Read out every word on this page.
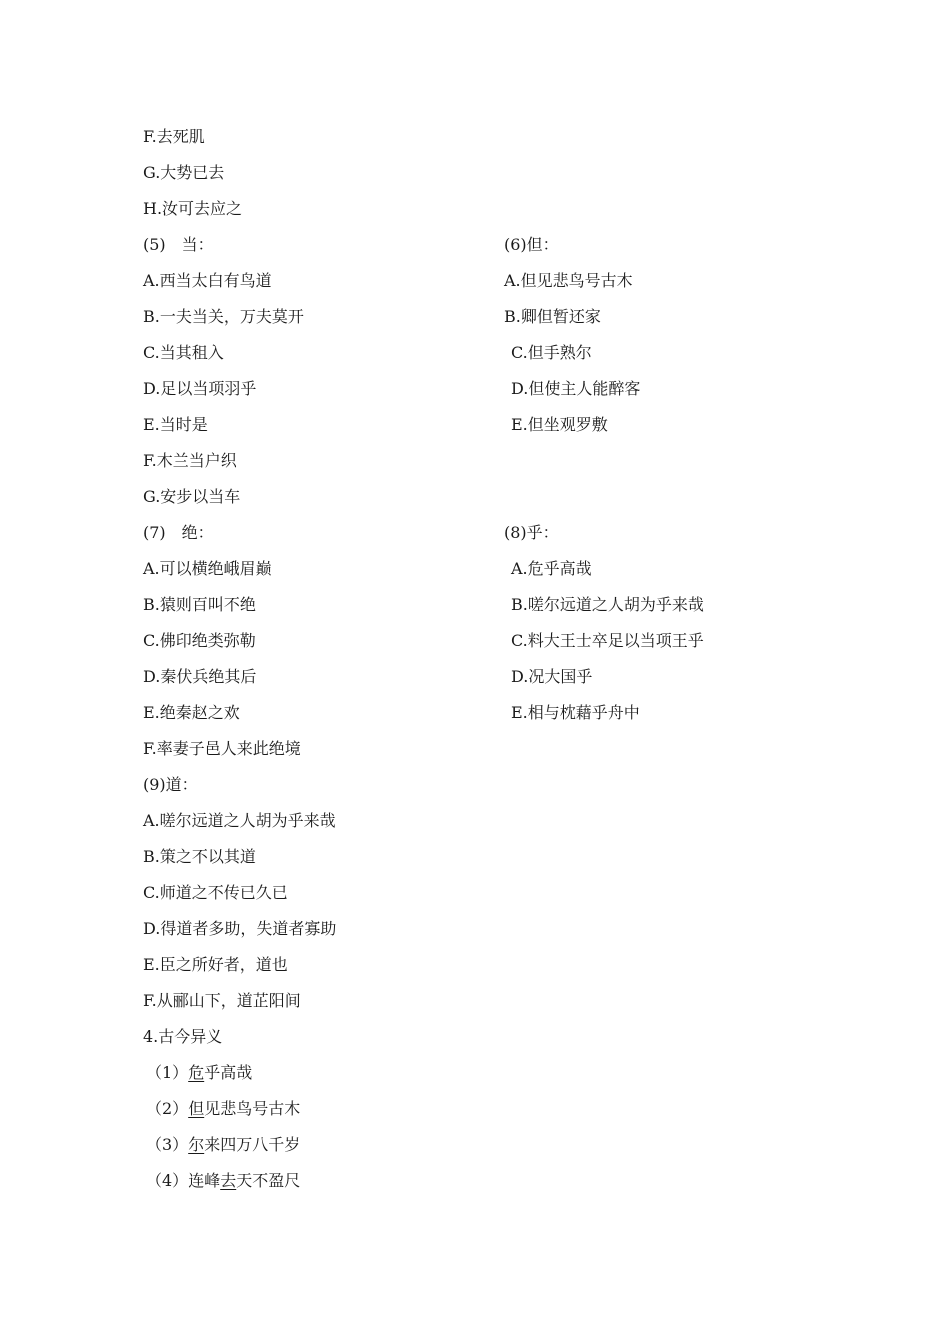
F.去死肌
G.大势已去
H.汝可去应之
(5)　当：	(6)但：
A.西当太白有鸟道
B.一夫当关，万夫莫开
C.当其租入
D.足以当项羽乎
E.当时是
F.木兰当户织
G.安步以当车
A.但见悲鸟号古木
B.卿但暂还家
C.但手熟尔
D.但使主人能醉客
E.但坐观罗敷
(7)　绝：	(8)乎：
A.可以横绝峨眉巅
B.猿则百叫不绝
C.佛印绝类弥勒
D.秦伏兵绝其后
E.绝秦赵之欢
F.率妻子邑人来此绝境
A.危乎高哉
B.嗟尔远道之人胡为乎来哉
C.料大王士卒足以当项王乎
D.况大国乎
E.相与枕藉乎舟中
(9)道：
A.嗟尔远道之人胡为乎来哉
B.策之不以其道
C.师道之不传已久已
D.得道者多助，失道者寡助
E.臣之所好者，道也
F.从郦山下，道芷阳间
4.古今异义
（1）危乎高哉
（2）但见悲鸟号古木
（3）尔来四万八千岁
（4）连峰去天不盈尺
